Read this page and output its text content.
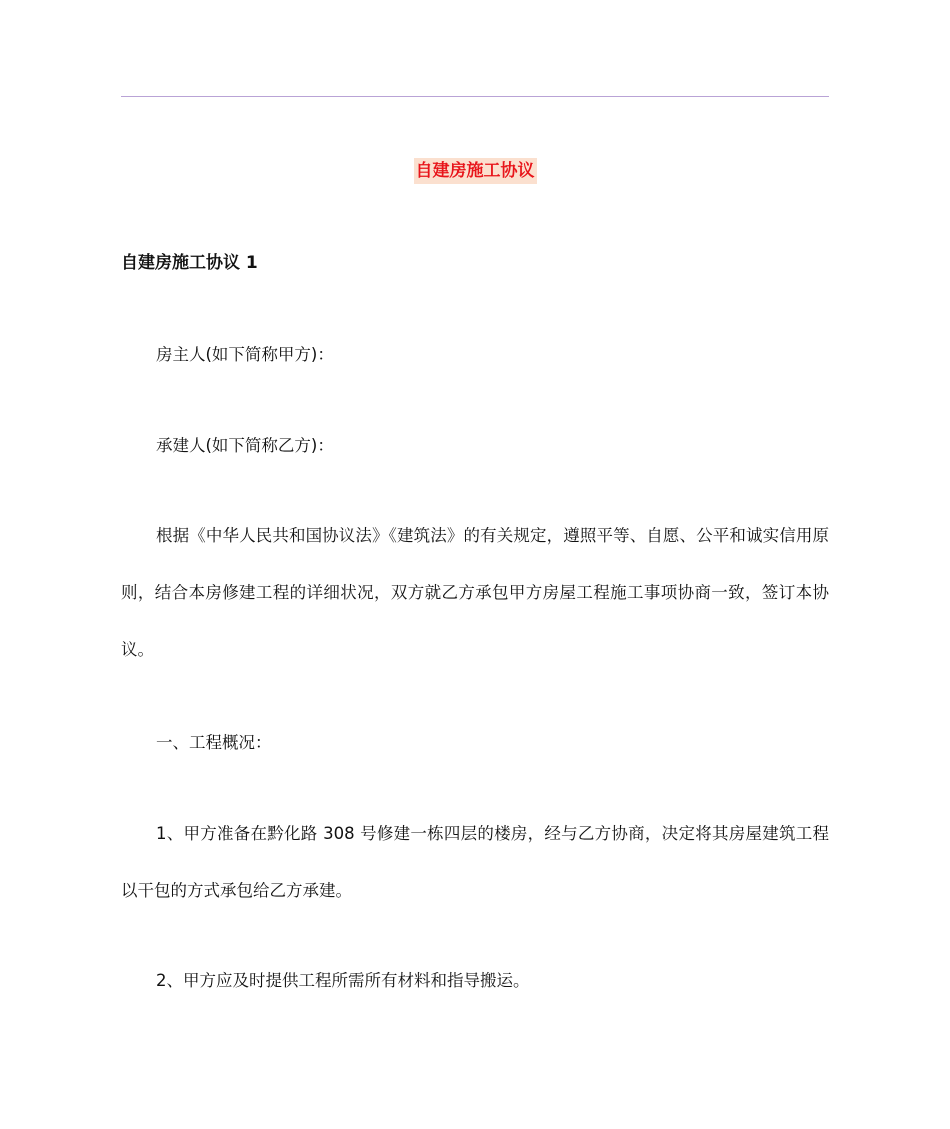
自建房施工协议
自建房施工协议 1

房主人(如下简称甲方)：

承建人(如下简称乙方)：

根据《中华人民共和国协议法》《建筑法》的有关规定，遵照平等、自愿、公平和诚实信用原则，结合本房修建工程的详细状况，双方就乙方承包甲方房屋工程施工事项协商一致，签订本协议。

一、工程概况：

1、甲方准备在黔化路 308 号修建一栋四层的楼房，经与乙方协商，决定将其房屋建筑工程以干包的方式承包给乙方承建。

2、甲方应及时提供工程所需所有材料和指导搬运。
